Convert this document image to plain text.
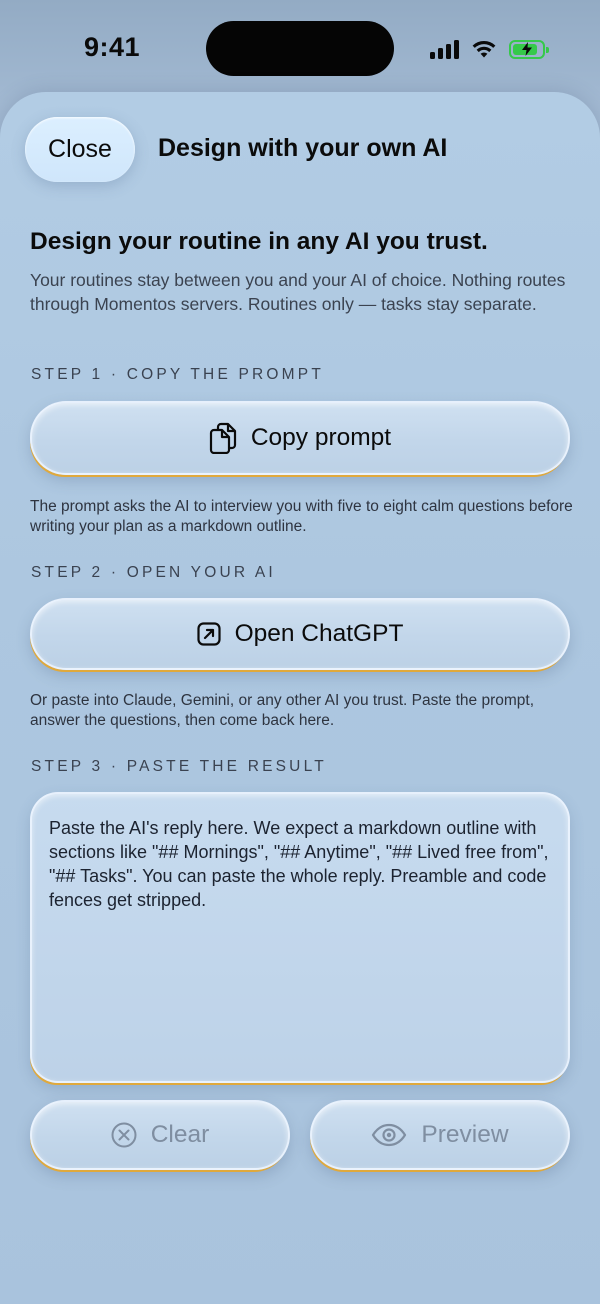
9:41
Close	Design with your own AI
Design your routine in any AI you trust.
Your routines stay between you and your AI of choice. Nothing routes through Momentos servers. Routines only — tasks stay separate.
STEP 1 · COPY THE PROMPT
Copy prompt
The prompt asks the AI to interview you with five to eight calm questions before writing your plan as a markdown outline.
STEP 2 · OPEN YOUR AI
Open ChatGPT
Or paste into Claude, Gemini, or any other AI you trust. Paste the prompt, answer the questions, then come back here.
STEP 3 · PASTE THE RESULT
Paste the AI's reply here. We expect a markdown outline with sections like "## Mornings", "## Anytime", "## Lived free from", "## Tasks". You can paste the whole reply. Preamble and code fences get stripped.
Clear	Preview
